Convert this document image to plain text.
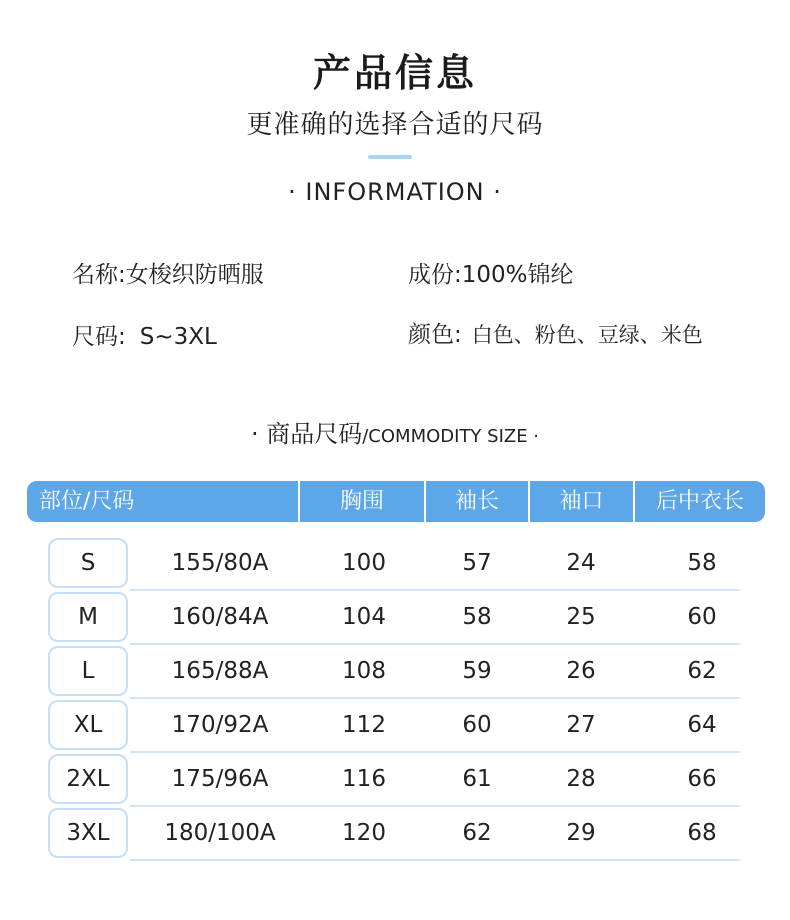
产品信息
更准确的选择合适的尺码
· INFORMATION ·
名称:女梭织防晒服	成份:100%锦纶
尺码: S~3XL	颜色: 白色、粉色、豆绿、米色
· 商品尺码/COMMODITY SIZE ·
部位/尺码	胸围	袖长	袖口	后中衣长
S	155/80A	100	57	24	58
M	160/84A	104	58	25	60
L	165/88A	108	59	26	62
XL	170/92A	112	60	27	64
2XL	175/96A	116	61	28	66
3XL	180/100A	120	62	29	68
